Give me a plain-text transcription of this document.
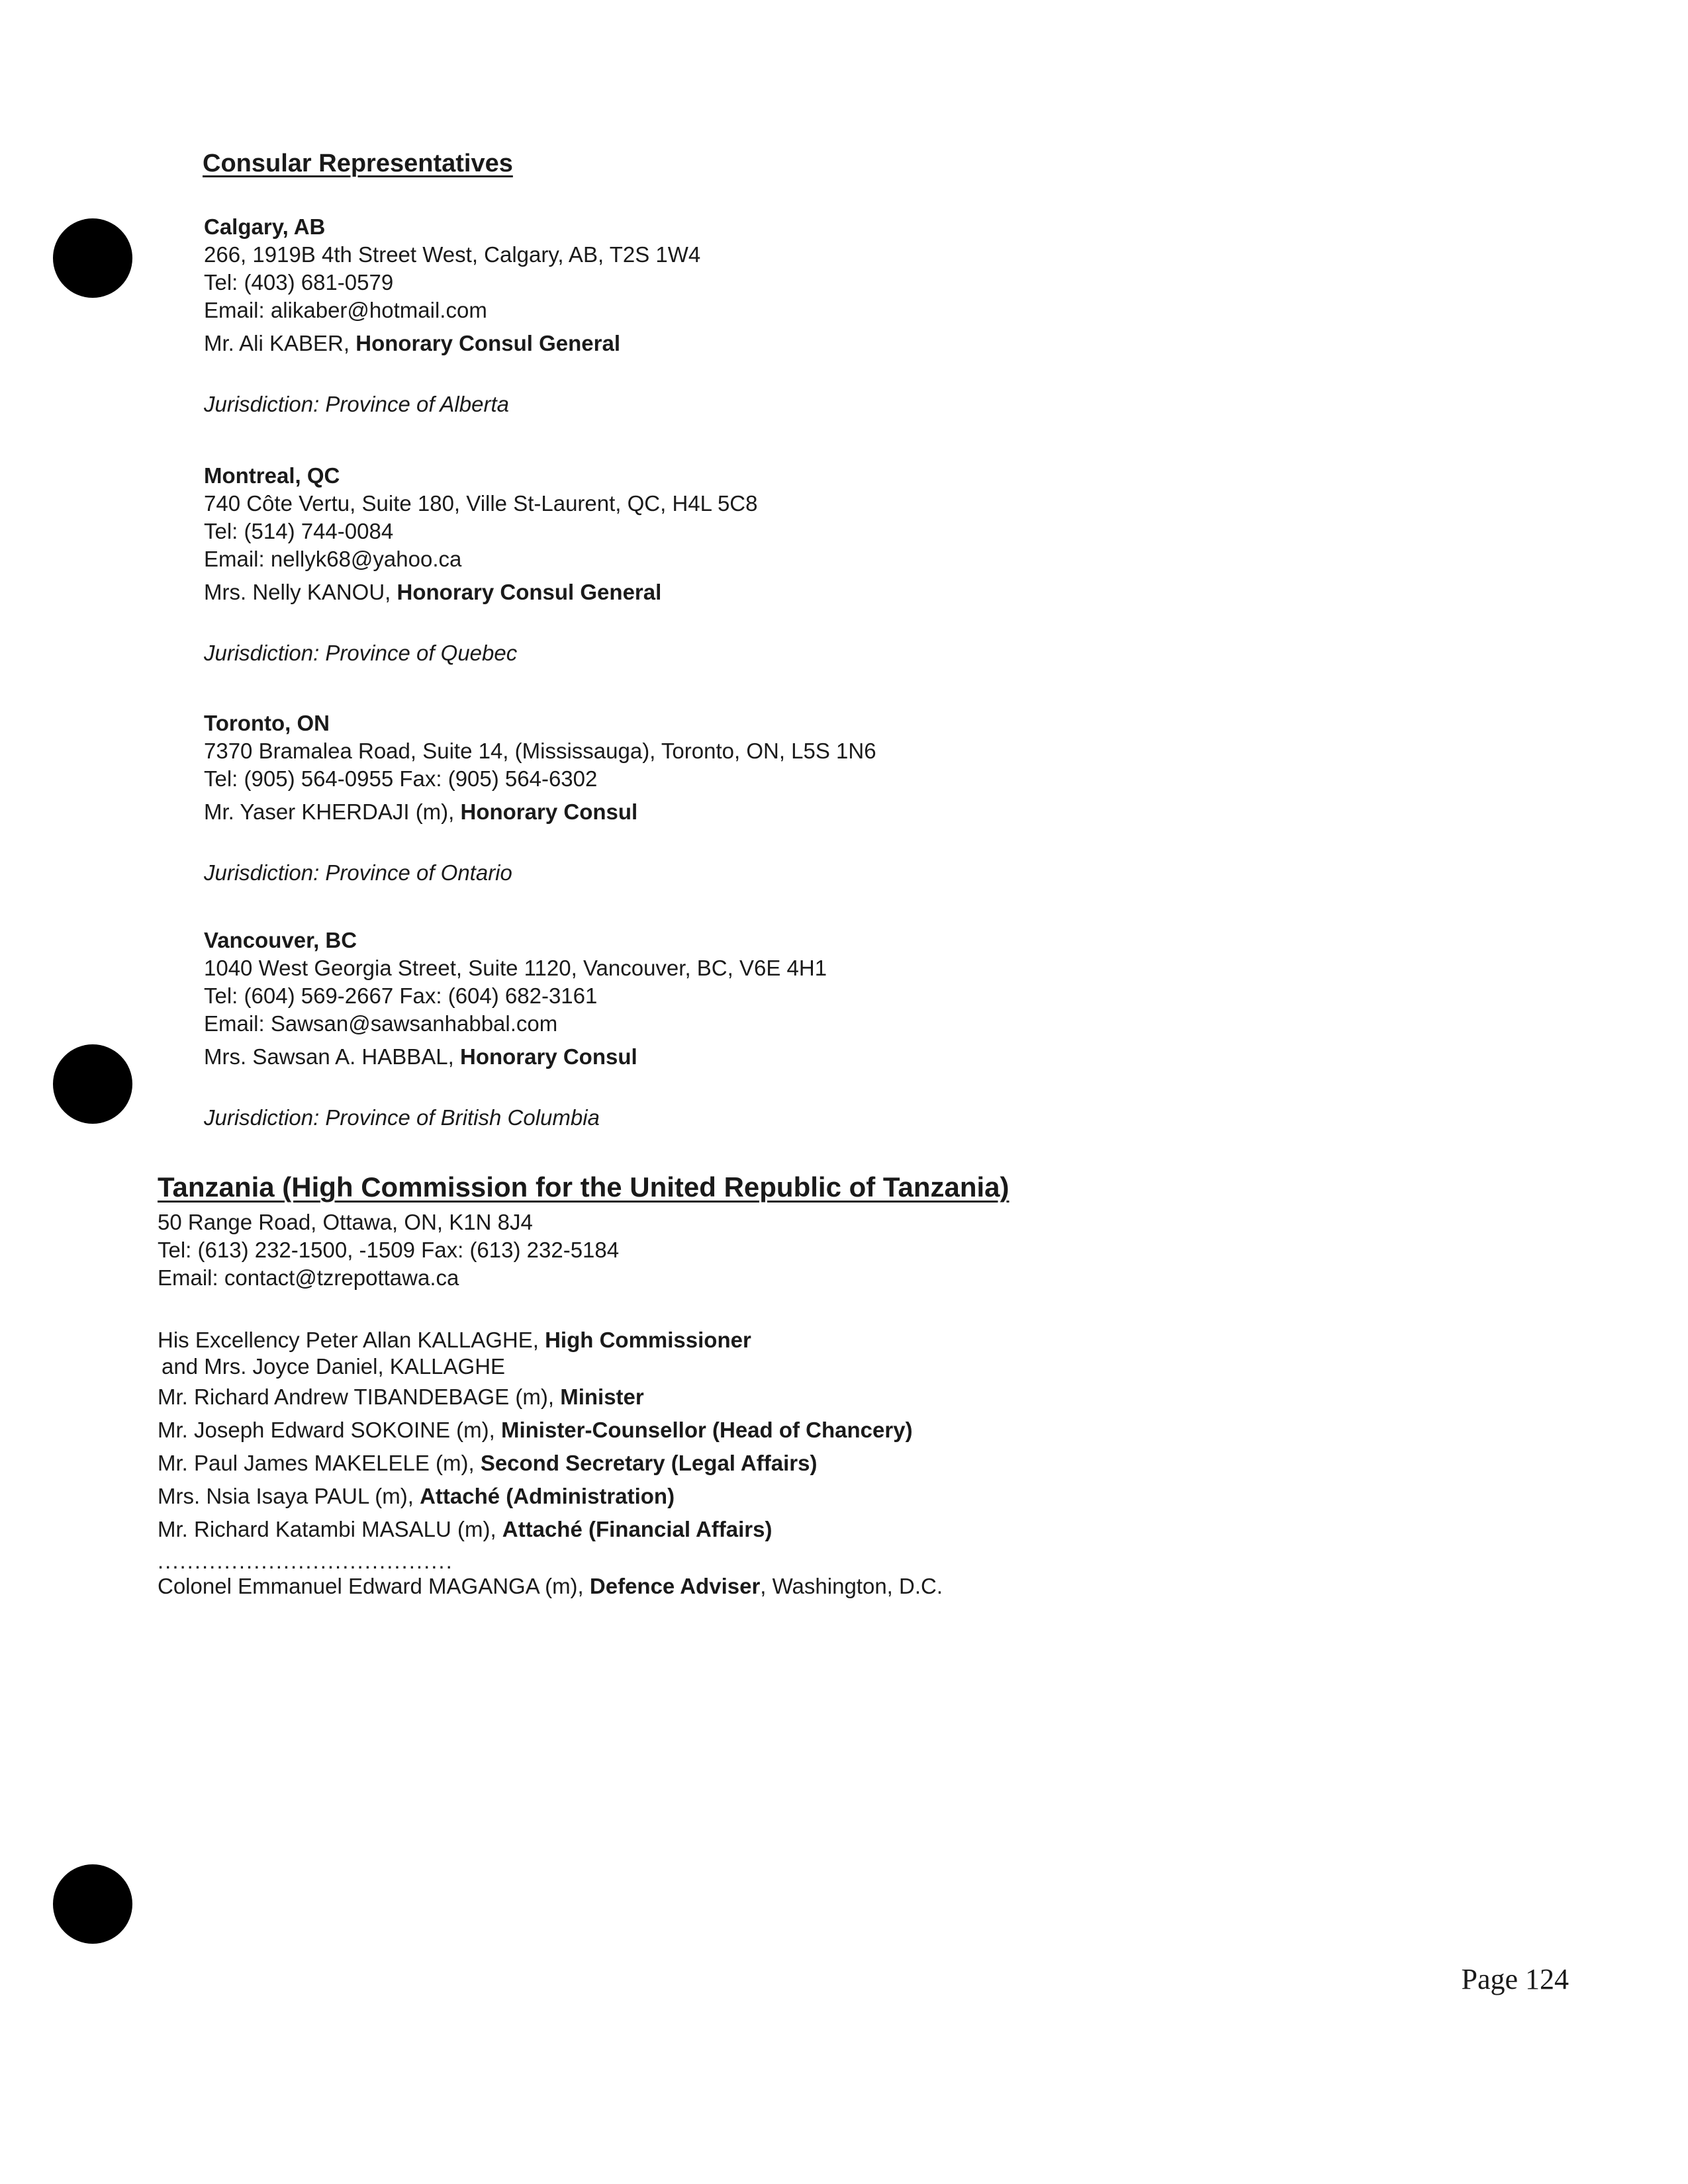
Consular Representatives

Calgary, AB

266, 1919B 4th Street West, Calgary, AB, T2S 1W4

Tel: (403) 681-0579

Email: alikaber@hotmail.com

Mr. Ali KABER, Honorary Consul General

Jurisdiction: Province of Alberta

Montreal, QC

740 Côte Vertu, Suite 180, Ville St-Laurent, QC, H4L 5C8

Tel: (514) 744-0084

Email: nellyk68@yahoo.ca

Mrs. Nelly KANOU, Honorary Consul General

Jurisdiction: Province of Quebec

Toronto, ON

7370 Bramalea Road, Suite 14, (Mississauga), Toronto, ON, L5S 1N6

Tel: (905) 564-0955 Fax: (905) 564-6302

Mr. Yaser KHERDAJI (m), Honorary Consul

Jurisdiction: Province of Ontario

Vancouver, BC

1040 West Georgia Street, Suite 1120, Vancouver, BC, V6E 4H1

Tel: (604) 569-2667 Fax: (604) 682-3161

Email: Sawsan@sawsanhabbal.com

Mrs. Sawsan A. HABBAL, Honorary Consul

Jurisdiction: Province of British Columbia

Tanzania (High Commission for the United Republic of Tanzania)

50 Range Road, Ottawa, ON, K1N 8J4

Tel: (613) 232-1500, -1509 Fax: (613) 232-5184

Email: contact@tzrepottawa.ca

His Excellency Peter Allan KALLAGHE, High Commissioner
and Mrs. Joyce Daniel, KALLAGHE
Mr. Richard Andrew TIBANDEBAGE (m), Minister
Mr. Joseph Edward SOKOINE (m), Minister-Counsellor (Head of Chancery)
Mr. Paul James MAKELELE (m), Second Secretary (Legal Affairs)
Mrs. Nsia Isaya PAUL (m), Attaché (Administration)
Mr. Richard Katambi MASALU (m), Attaché (Financial Affairs)
........................................
Colonel Emmanuel Edward MAGANGA (m), Defence Adviser, Washington, D.C.
Page 124
